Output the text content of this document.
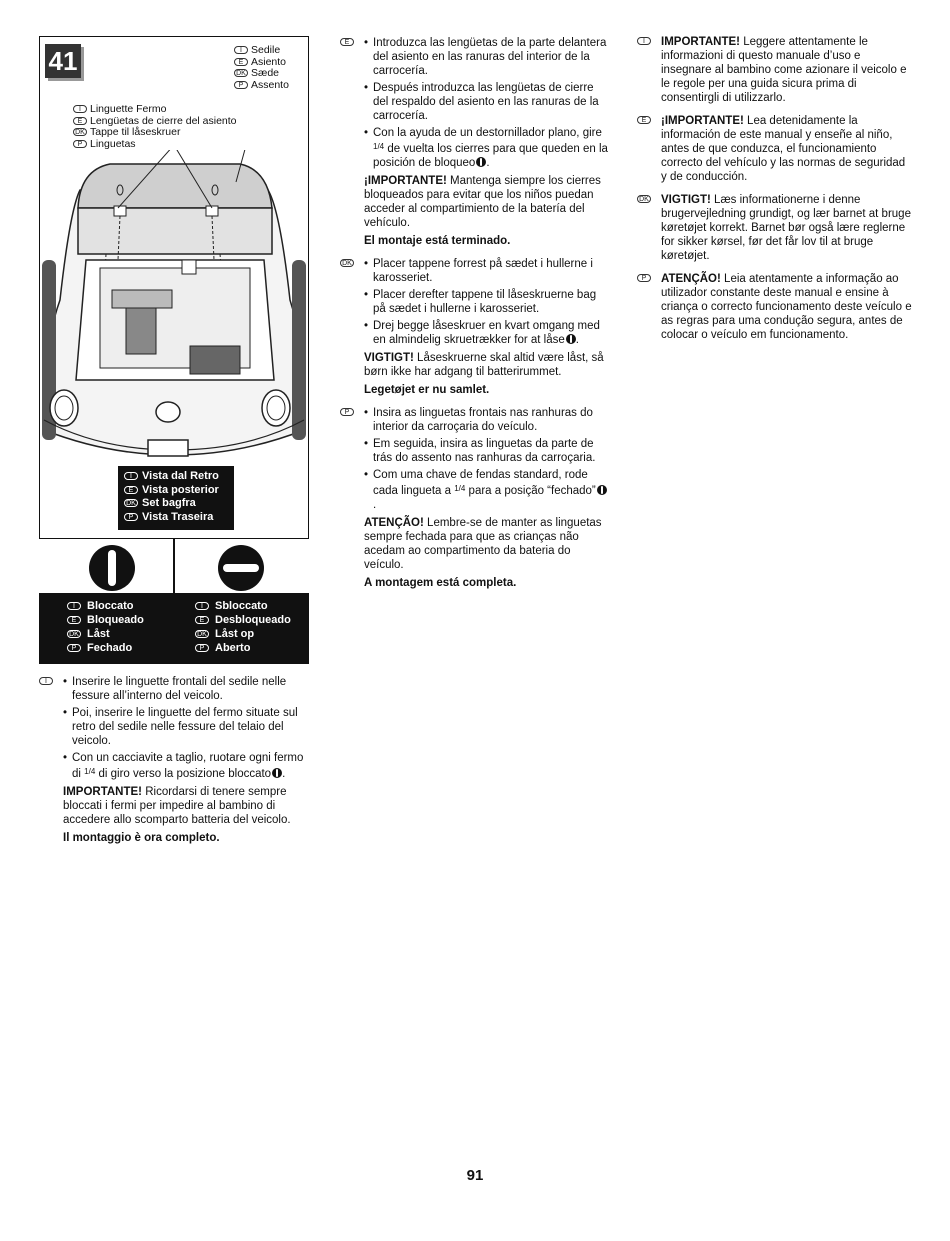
41	I Sedile
E Asiento
DK Sæde
P Assento
I Linguette Fermo
E Lengüetas de cierre del asiento
DK Tappe til låseskruer
P Linguetas
I Vista dal Retro
E Vista posterior
DK Set bagfra
P Vista Traseira
I Bloccato
E Bloqueado
DK Låst
P Fechado
I Sbloccato
E Desbloqueado
DK Låst op
P Aberto
I	• Inserire le linguette frontali del sedile nelle fessure all’interno del veicolo.

• Poi, inserire le linguette del fermo situate sul retro del sedile nelle fessure del telaio del veicolo.

• Con un cacciavite a taglio, ruotare ogni fermo di $^{1/4}$ di giro verso la posizione bloccato .

IMPORTANTE! Ricordarsi di tenere sempre bloccati i fermi per impedire al bambino di accedere allo scomparto batteria del veicolo.

Il montaggio è ora completo.

E	• Introduzca las lengüetas de la parte delantera del asiento en las ranuras del interior de la carrocería.

• Después introduzca las lengüetas de cierre del respaldo del asiento en las ranuras de la carrocería.

• Con la ayuda de un destornillador plano, gire $^{1/4}$ de vuelta los cierres para que queden en la posición de bloqueo .

¡IMPORTANTE! Mantenga siempre los cierres bloqueados para evitar que los niños puedan acceder al compartimiento de la batería del vehículo.

El montaje está terminado.

DK	• Placer tappene forrest på sædet i hullerne i karosseriet.

• Placer derefter tappene til låseskruerne bag på sædet i hullerne i karosseriet.

• Drej begge låseskruer en kvart omgang med en almindelig skruetrækker for at låse .

VIGTIGT! Låseskruerne skal altid være låst, så børn ikke har adgang til batterirummet.

Legetøjet er nu samlet.

P	• Insira as linguetas frontais nas ranhuras do interior da carroçaria do veículo.

• Em seguida, insira as linguetas da parte de trás do assento nas ranhuras da carroçaria.

• Com uma chave de fendas standard, rode cada lingueta a $^{1/4}$ para a posição “fechado”.

ATENÇÃO! Lembre-se de manter as linguetas sempre fechada para que as crianças não acedam ao compartimento da bateria do veículo.

A montagem está completa.

I	IMPORTANTE! Leggere attentamente le informazioni di questo manuale d’uso e insegnare al bambino come azionare il veicolo e le regole per una guida sicura prima di consentirgli di utilizzarlo.

E	¡IMPORTANTE! Lea detenidamente la información de este manual y enseñe al niño, antes de que conduzca, el funcionamiento correcto del vehículo y las normas de seguridad y de conducción.

DK VIGTIGT! Læs informationerne i denne brugervejledning grundigt, og lær barnet at bruge køretøjet korrekt. Barnet bør også lære reglerne for sikker kørsel, før det får lov til at bruge køretøjet.

P	ATENÇÃO! Leia atentamente a informação ao utilizador constante deste manual e ensine à criança o correcto funcionamento deste veículo e as regras para uma condução segura, antes de colocar o veículo em funcionamento.

91
